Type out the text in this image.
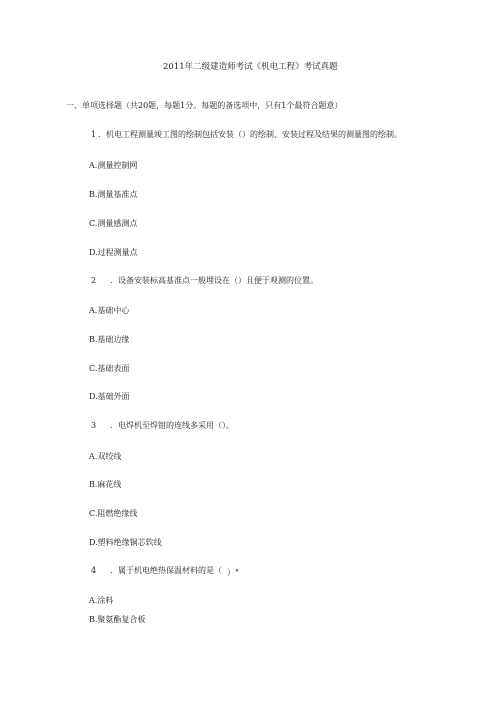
2011年二级建造师考试《机电工程》考试真题
一、单项选择题（共20题，每题1分。每题的备选项中，只有1个最符合题意）
1 ．机电工程测量竣工图的绘制包括安装（）的绘制、安装过程及结果的测量图的绘制。
A.测量控制网
B.测量基准点
C.测量感测点
D.过程测量点
2 ．设备安装标高基准点一般埋设在（）且便于观测的位置。
A.基础中心
B.基础边缘
C.基础表面
D.基础外面
3 ．电焊机至焊钳的连线多采用（）。
A.双绞线
B.麻花线
C.阻燃绝缘线
D.塑料绝缘铜芯软线
4 ．属于机电绝热保温材料的是（ ）°
A.涂料
B.聚氨酯复合板
